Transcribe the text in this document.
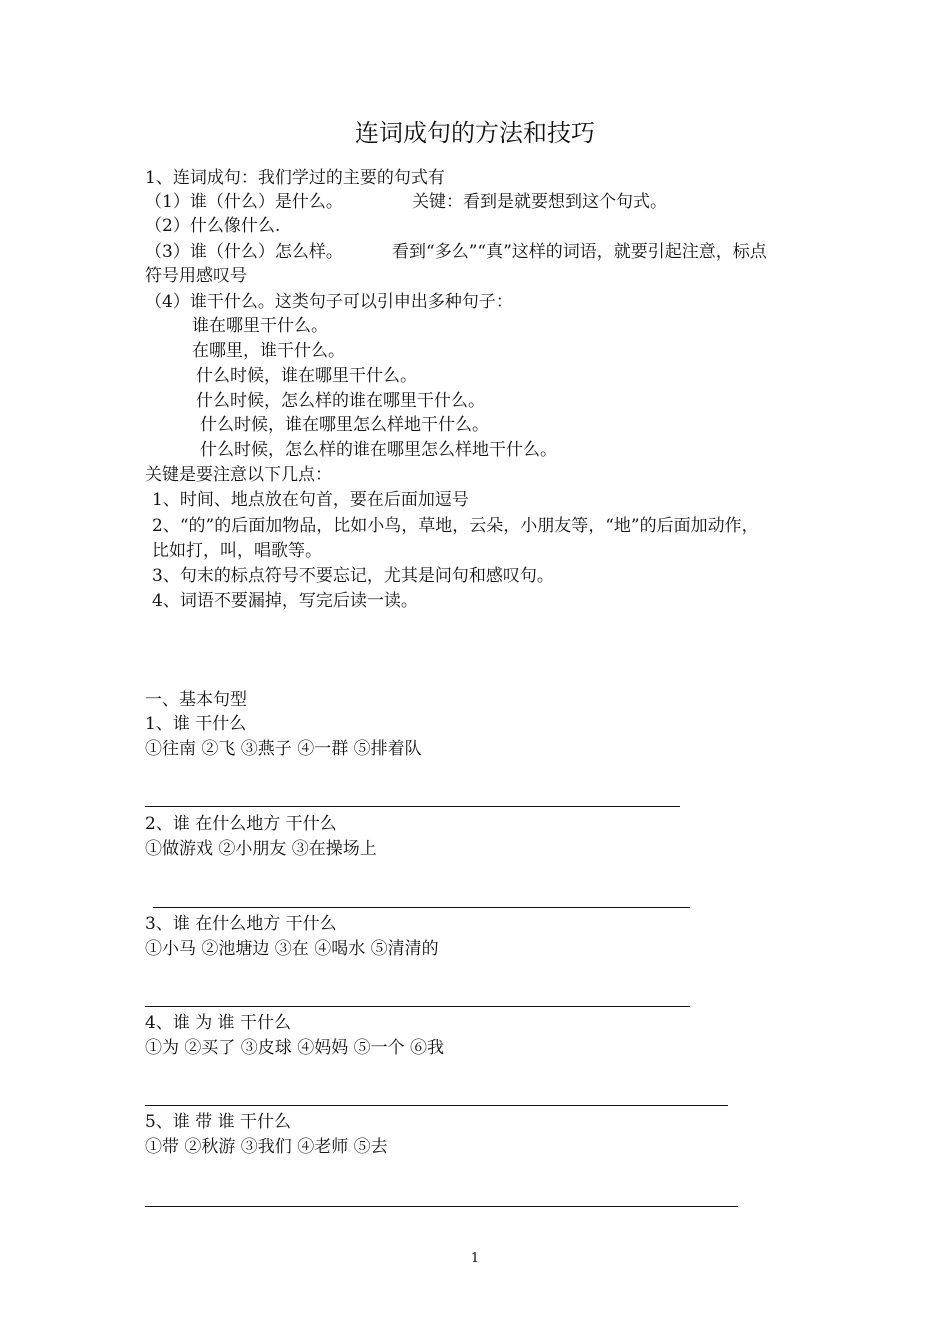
连词成句的方法和技巧

1、连词成句：我们学过的主要的句式有

（1）谁（什么）是什么。	关键：看到是就要想到这个句式。

（2）什么像什么.

（3）谁（什么）怎么样。	看到“多么”“真”这样的词语，就要引起注意，标点

符号用感叹号

（4）谁干什么。这类句子可以引申出多种句子：

谁在哪里干什么。

在哪里，谁干什么。

什么时候，谁在哪里干什么。

什么时候，怎么样的谁在哪里干什么。

什么时候，谁在哪里怎么样地干什么。

什么时候，怎么样的谁在哪里怎么样地干什么。

关键是要注意以下几点：

1、时间、地点放在句首，要在后面加逗号

2、“的”的后面加物品，比如小鸟，草地，云朵，小朋友等，“地”的后面加动作，

比如打，叫，唱歌等。

3、句末的标点符号不要忘记，尤其是问句和感叹句。

4、词语不要漏掉，写完后读一读。

一、基本句型

1、谁 干什么

①往南 ②飞 ③燕子 ④一群 ⑤排着队

2、谁 在什么地方 干什么

①做游戏 ②小朋友 ③在操场上

3、谁 在什么地方 干什么

①小马 ②池塘边 ③在 ④喝水 ⑤清清的

4、谁 为 谁 干什么

①为 ②买了 ③皮球 ④妈妈 ⑤一个 ⑥我

5、谁 带 谁 干什么

①带 ②秋游 ③我们 ④老师 ⑤去

1
